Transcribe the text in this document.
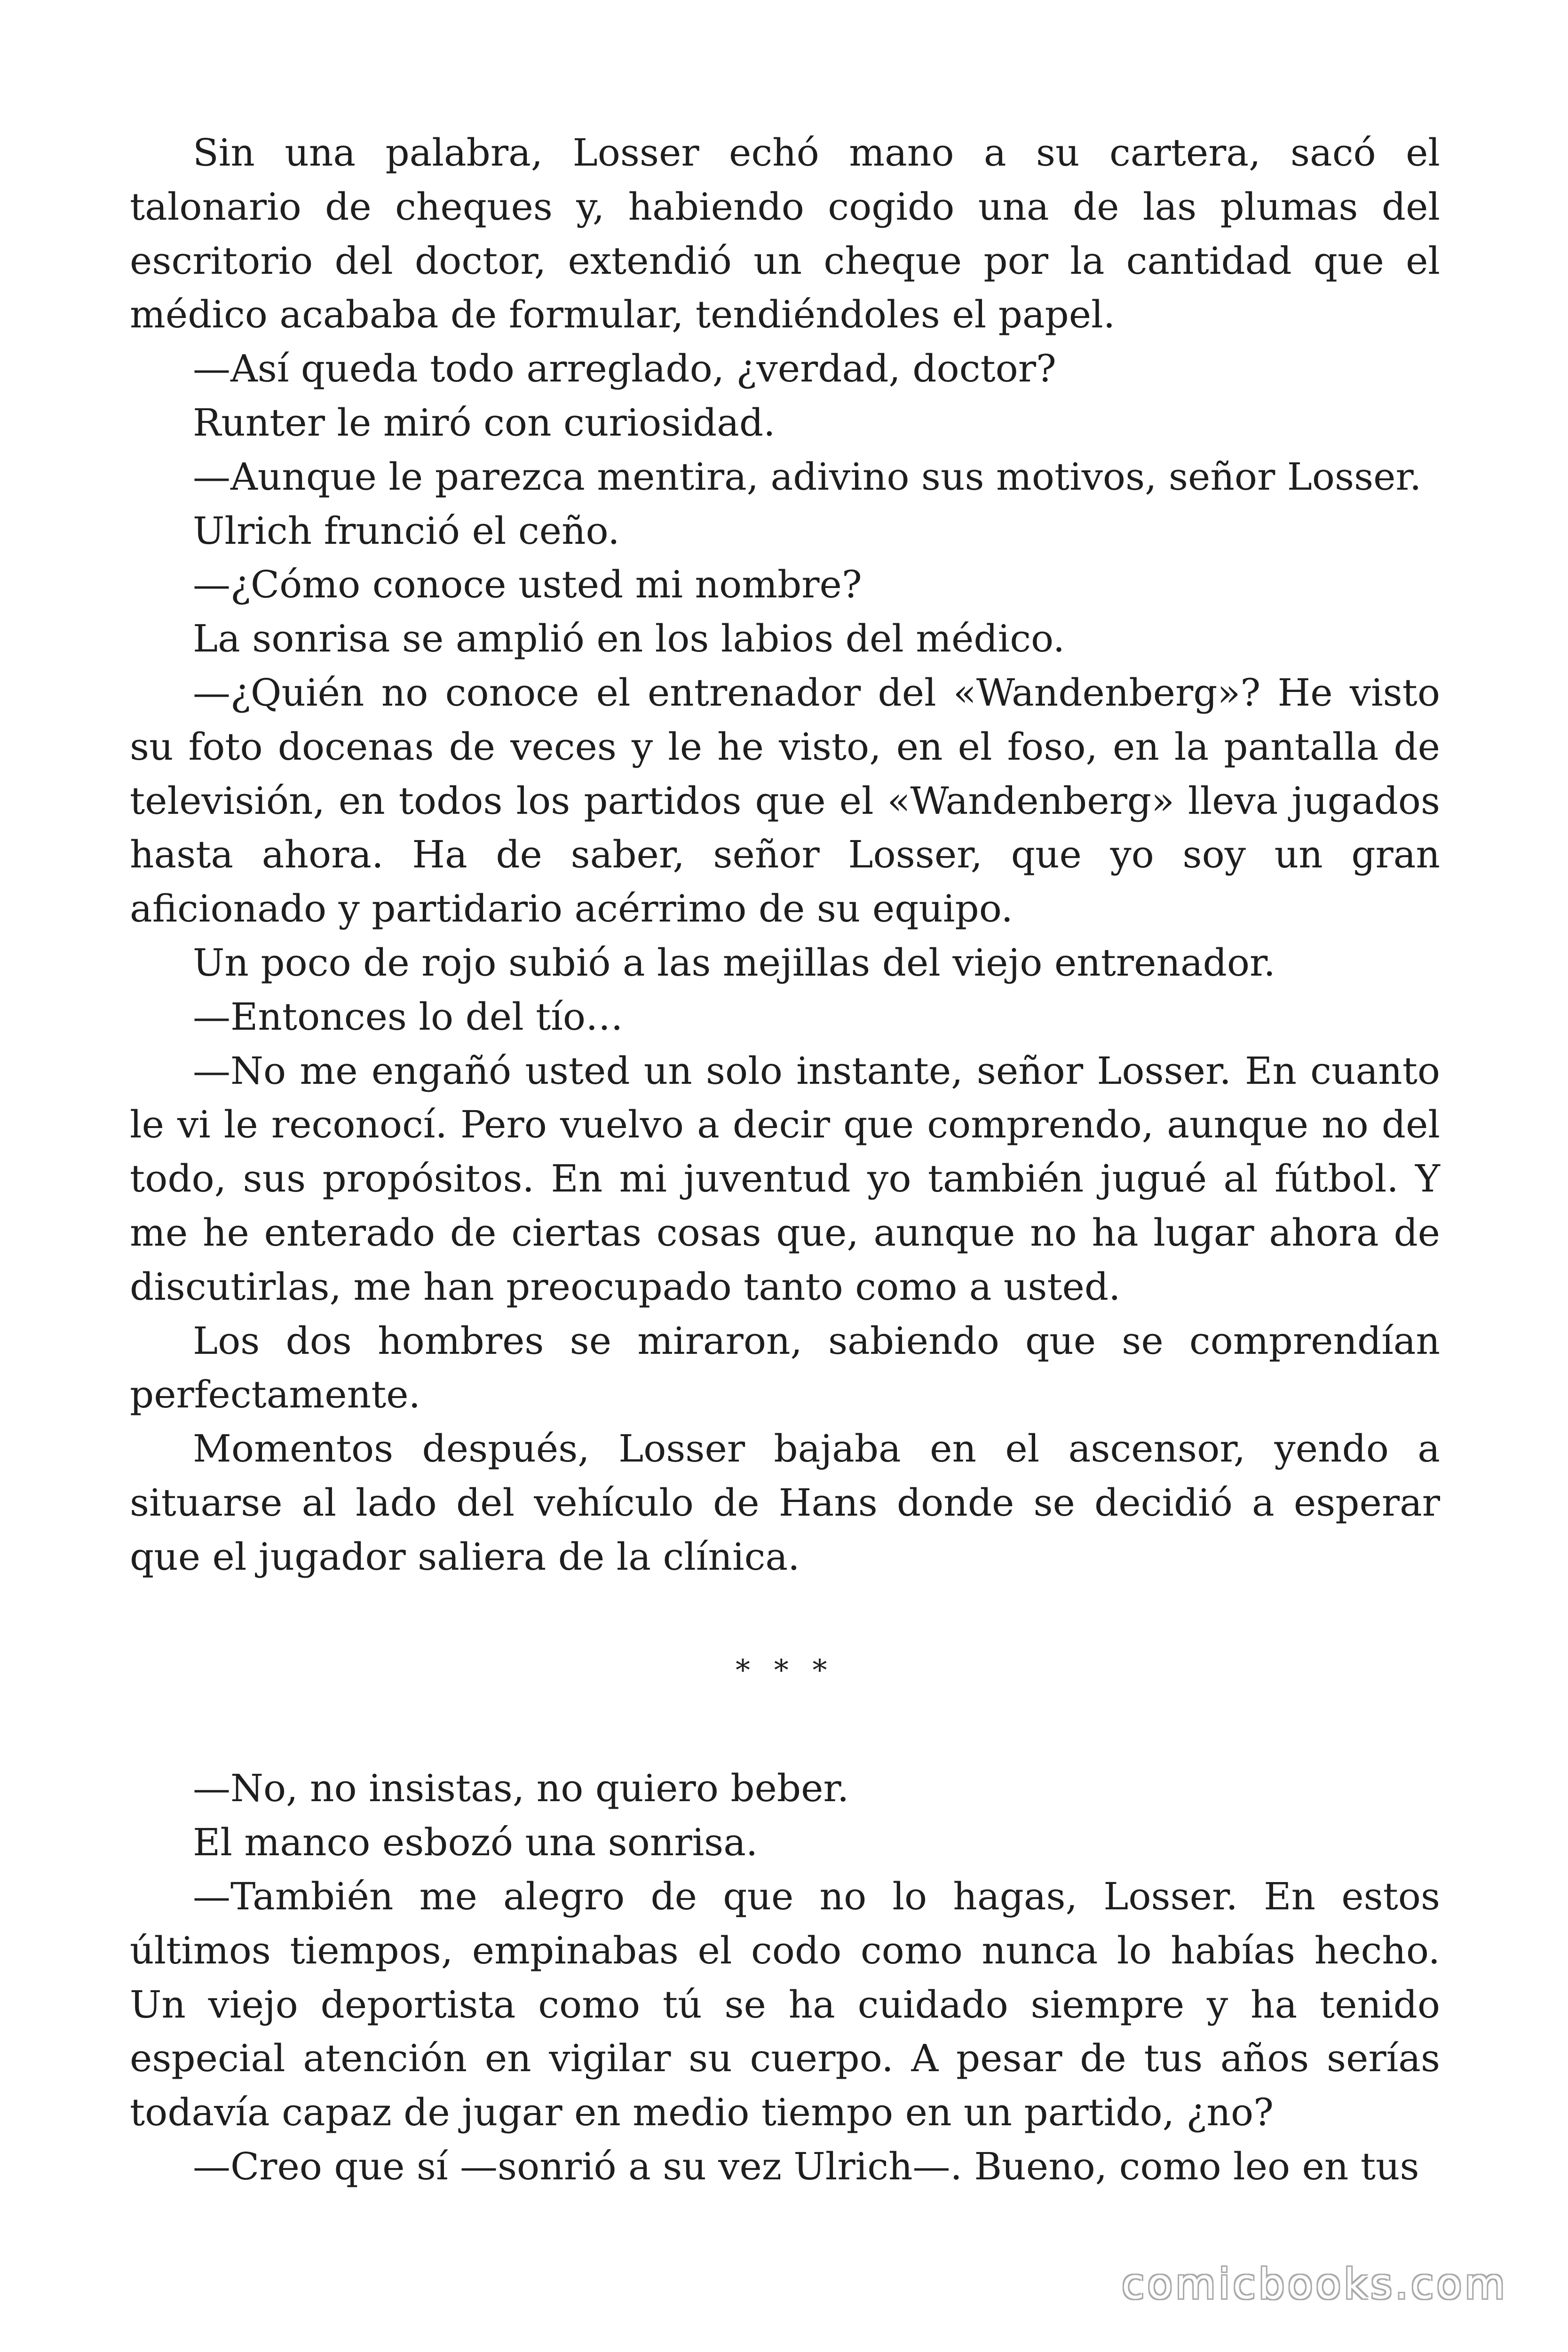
Sin una palabra, Losser echó mano a su cartera, sacó el talonario de cheques y, habiendo cogido una de las plumas del escritorio del doctor, extendió un cheque por la cantidad que el médico acababa de formular, tendiéndoles el papel.

—Así queda todo arreglado, ¿verdad, doctor?

Runter le miró con curiosidad.

—Aunque le parezca mentira, adivino sus motivos, señor Losser.

Ulrich frunció el ceño.

—¿Cómo conoce usted mi nombre?

La sonrisa se amplió en los labios del médico.

—¿Quién no conoce el entrenador del «Wandenberg»? He visto su foto docenas de veces y le he visto, en el foso, en la pantalla de televisión, en todos los partidos que el «Wandenberg» lleva jugados hasta ahora. Ha de saber, señor Losser, que yo soy un gran aficionado y partidario acérrimo de su equipo.

Un poco de rojo subió a las mejillas del viejo entrenador.

—Entonces lo del tío…

—No me engañó usted un solo instante, señor Losser. En cuanto le vi le reconocí. Pero vuelvo a decir que comprendo, aunque no del todo, sus propósitos. En mi juventud yo también jugué al fútbol. Y me he enterado de ciertas cosas que, aunque no ha lugar ahora de discutirlas, me han preocupado tanto como a usted.

Los dos hombres se miraron, sabiendo que se comprendían perfectamente.

Momentos después, Losser bajaba en el ascensor, yendo a situarse al lado del vehículo de Hans donde se decidió a esperar que el jugador saliera de la clínica.

* * *

—No, no insistas, no quiero beber.

El manco esbozó una sonrisa.

—También me alegro de que no lo hagas, Losser. En estos últimos tiempos, empinabas el codo como nunca lo habías hecho. Un viejo deportista como tú se ha cuidado siempre y ha tenido especial atención en vigilar su cuerpo. A pesar de tus años serías todavía capaz de jugar en medio tiempo en un partido, ¿no?

—Creo que sí —sonrió a su vez Ulrich—. Bueno, como leo en tus

comicbooks.com
